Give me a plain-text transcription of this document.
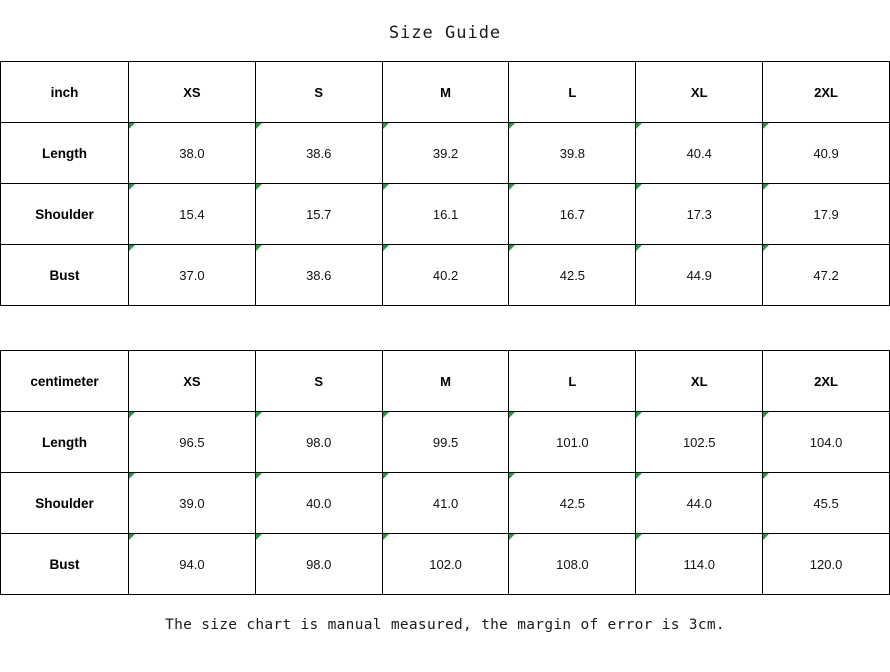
Size Guide
inch	XS	S	M	L	XL	2XL
Length	38.0	38.6	39.2	39.8	40.4	40.9
Shoulder	15.4	15.7	16.1	16.7	17.3	17.9
Bust	37.0	38.6	40.2	42.5	44.9	47.2
centimeter	XS	S	M	L	XL	2XL
Length	96.5	98.0	99.5	101.0	102.5	104.0
Shoulder	39.0	40.0	41.0	42.5	44.0	45.5
Bust	94.0	98.0	102.0	108.0	114.0	120.0
The size chart is manual measured, the margin of error is 3cm.
